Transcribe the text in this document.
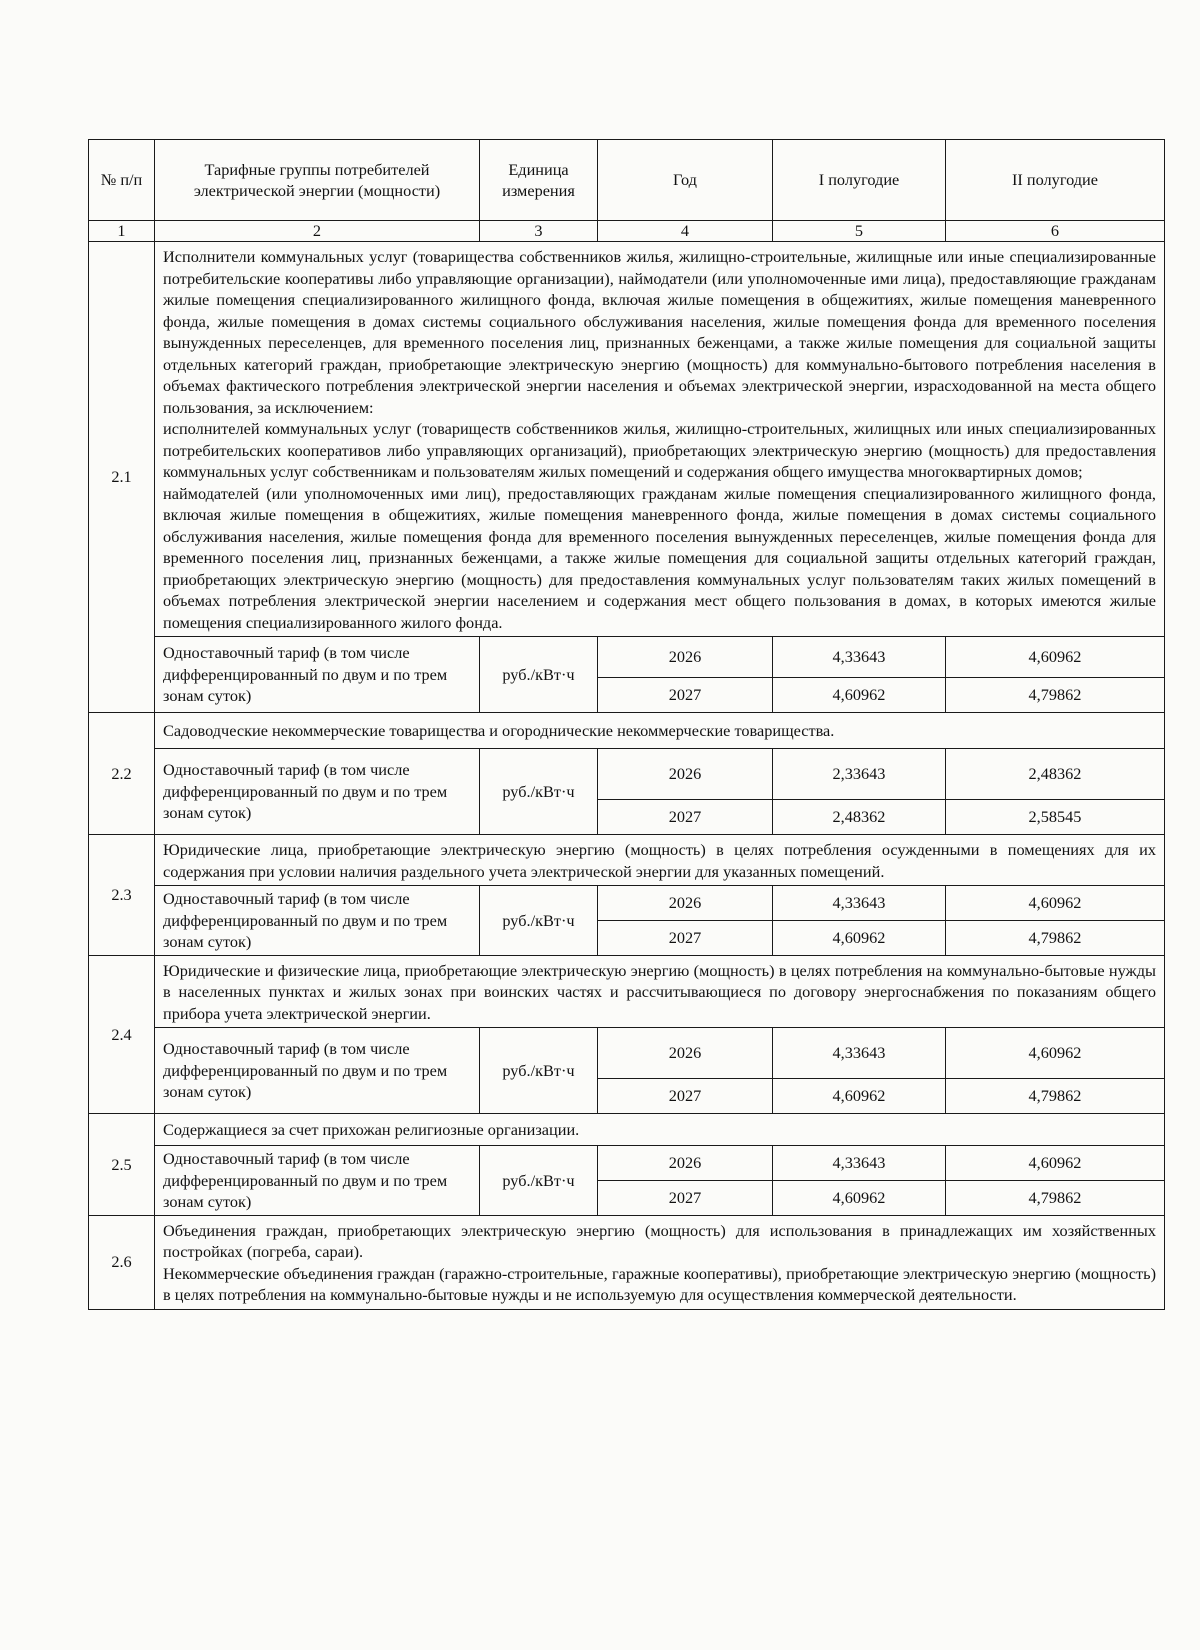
№ п/п	Тарифные группы потребителей электрической энергии (мощности)	Единица измерения	Год	I полугодие	II полугодие
1	2	3	4	5	6
2.1	Исполнители коммунальных услуг (товарищества собственников жилья, жилищно-строительные, жилищные или иные специализированные потребительские кооперативы либо управляющие организации), наймодатели (или уполномоченные ими лица), предоставляющие гражданам жилые помещения специализированного жилищного фонда, включая жилые помещения в общежитиях, жилые помещения маневренного фонда, жилые помещения в домах системы социального обслуживания населения, жилые помещения фонда для временного поселения вынужденных переселенцев, для временного поселения лиц, признанных беженцами, а также жилые помещения для социальной защиты отдельных категорий граждан, приобретающие электрическую энергию (мощность) для коммунально-бытового потребления населения в объемах фактического потребления электрической энергии населения и объемах электрической энергии, израсходованной на места общего пользования, за исключением:
исполнителей коммунальных услуг (товариществ собственников жилья, жилищно-строительных, жилищных или иных специализированных потребительских кооперативов либо управляющих организаций), приобретающих электрическую энергию (мощность) для предоставления коммунальных услуг собственникам и пользователям жилых помещений и содержания общего имущества многоквартирных домов;
наймодателей (или уполномоченных ими лиц), предоставляющих гражданам жилые помещения специализированного жилищного фонда, включая жилые помещения в общежитиях, жилые помещения маневренного фонда, жилые помещения в домах системы социального обслуживания населения, жилые помещения фонда для временного поселения вынужденных переселенцев, жилые помещения фонда для временного поселения лиц, признанных беженцами, а также жилые помещения для социальной защиты отдельных категорий граждан, приобретающих электрическую энергию (мощность) для предоставления коммунальных услуг пользователям таких жилых помещений в объемах потребления электрической энергии населением и содержания мест общего пользования в домах, в которых имеются жилые помещения специализированного жилого фонда.				
	Одноставочный тариф (в том числе дифференцированный по двум и по трем зонам суток)	руб./кВт·ч	2026	4,33643	4,60962
			2027	4,60962	4,79862
2.2	Садоводческие некоммерческие товарищества и огороднические некоммерческие товарищества.				
	Одноставочный тариф (в том числе дифференцированный по двум и по трем зонам суток)	руб./кВт·ч	2026	2,33643	2,48362
			2027	2,48362	2,58545
2.3	Юридические лица, приобретающие электрическую энергию (мощность) в целях потребления осужденными в помещениях для их содержания при условии наличия раздельного учета электрической энергии для указанных помещений.				
	Одноставочный тариф (в том числе дифференцированный по двум и по трем зонам суток)	руб./кВт·ч	2026	4,33643	4,60962
			2027	4,60962	4,79862
2.4	Юридические и физические лица, приобретающие электрическую энергию (мощность) в целях потребления на коммунально-бытовые нужды в населенных пунктах и жилых зонах при воинских частях и рассчитывающиеся по договору энергоснабжения по показаниям общего прибора учета электрической энергии.				
	Одноставочный тариф (в том числе дифференцированный по двум и по трем зонам суток)	руб./кВт·ч	2026	4,33643	4,60962
			2027	4,60962	4,79862
2.5	Содержащиеся за счет прихожан религиозные организации.				
	Одноставочный тариф (в том числе дифференцированный по двум и по трем зонам суток)	руб./кВт·ч	2026	4,33643	4,60962
			2027	4,60962	4,79862
2.6	Объединения граждан, приобретающих электрическую энергию (мощность) для использования в принадлежащих им хозяйственных постройках (погреба, сараи).
Некоммерческие объединения граждан (гаражно-строительные, гаражные кооперативы), приобретающие электрическую энергию (мощность) в целях потребления на коммунально-бытовые нужды и не используемую для осуществления коммерческой деятельности.				
